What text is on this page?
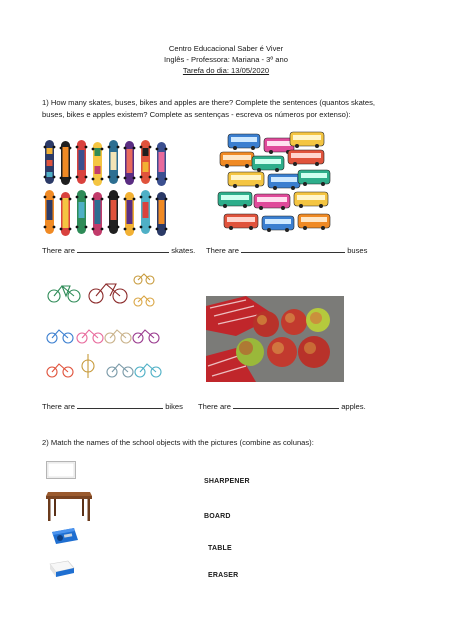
Centro Educacional Saber é Viver
Inglês - Professora: Mariana - 3º ano
Tarefa do dia: 13/05/2020
1) How many skates, buses, bikes and apples are there? Complete the sentences (quantos skates,
buses, bikes e apples existem? Complete as sentenças - escreva os números por extenso):
There are	skates. There are	buses
There are	bikes There are	apples.
2) Match the names of the school objects with the pictures (combine as colunas):
SHARPENER
BOARD
TABLE
ERASER
